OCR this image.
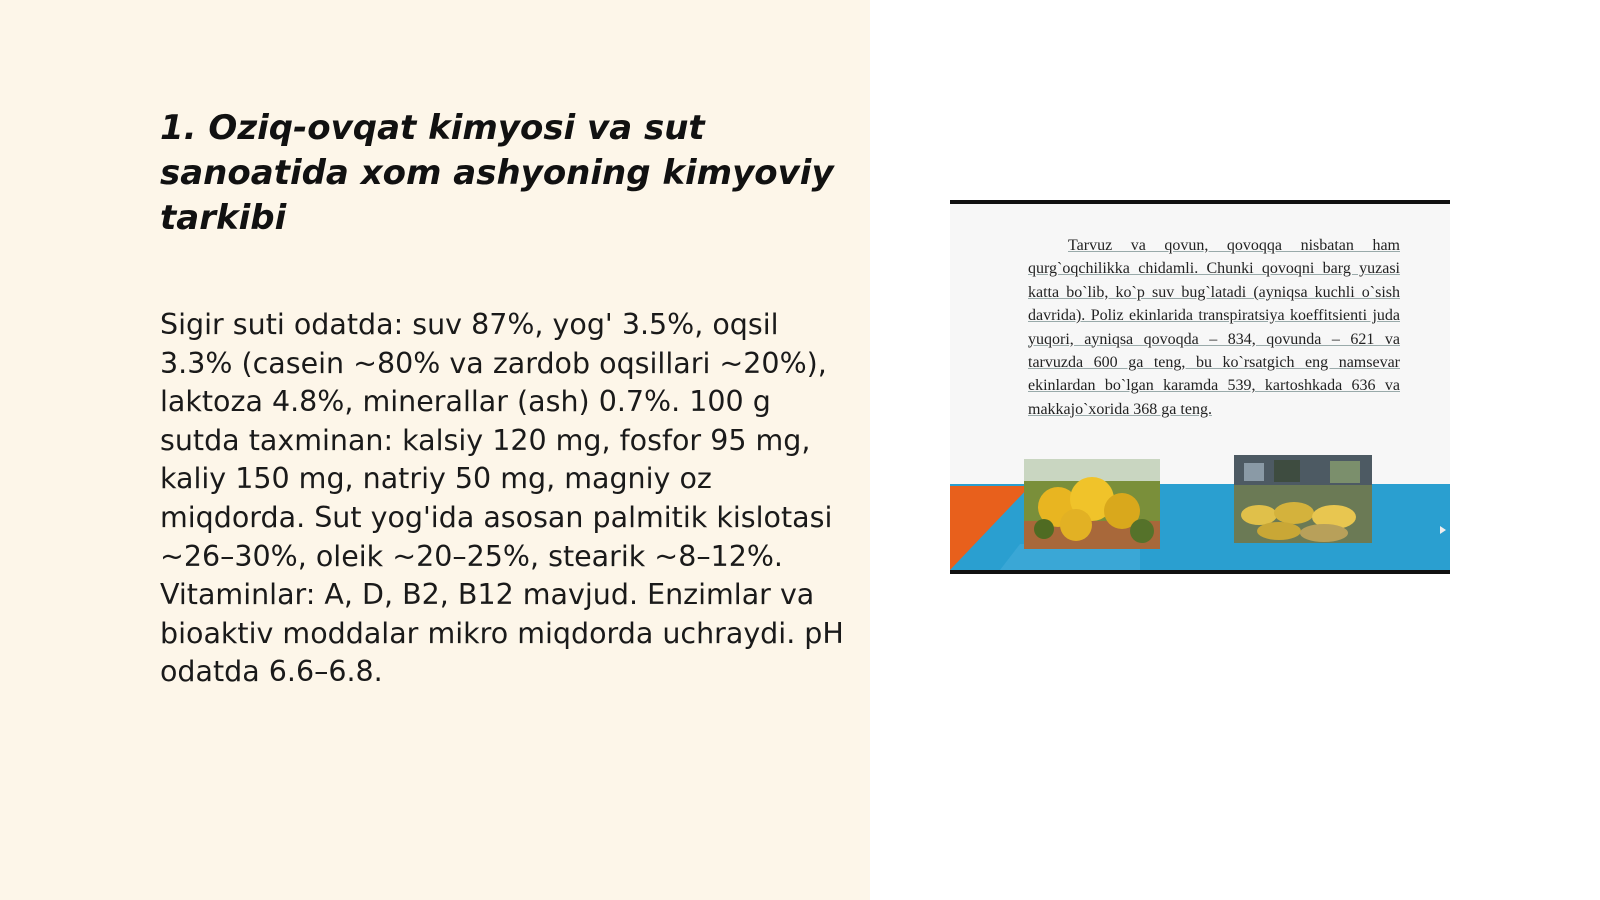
1. Oziq-ovqat kimyosi va sut sanoatida xom ashyoning kimyoviy tarkibi

Sigir suti odatda: suv 87%, yog' 3.5%, oqsil 3.3% (casein ~80% va zardob oqsillari ~20%), laktoza 4.8%, minerallar (ash) 0.7%. 100 g sutda taxminan: kalsiy 120 mg, fosfor 95 mg, kaliy 150 mg, natriy 50 mg, magniy oz miqdorda. Sut yog'ida asosan palmitik kislotasi ~26–30%, oleik ~20–25%, stearik ~8–12%. Vitaminlar: A, D, B2, B12 mavjud. Enzimlar va bioaktiv moddalar mikro miqdorda uchraydi. pH odatda 6.6–6.8.

Tarvuz va qovun, qovoqqa nisbatan ham qurg`oqchilikka chidamli. Chunki qovoqni barg yuzasi katta bo`lib, ko`p suv bug`latadi (ayniqsa kuchli o`sish davrida). Poliz ekinlarida transpiratsiya koeffitsienti juda yuqori, ayniqsa qovoqda – 834, qovunda – 621 va tarvuzda 600 ga teng, bu ko`rsatgich eng namsevar ekinlardan bo`lgan karamda 539, kartoshkada 636 va makkajo`xorida 368 ga teng.
